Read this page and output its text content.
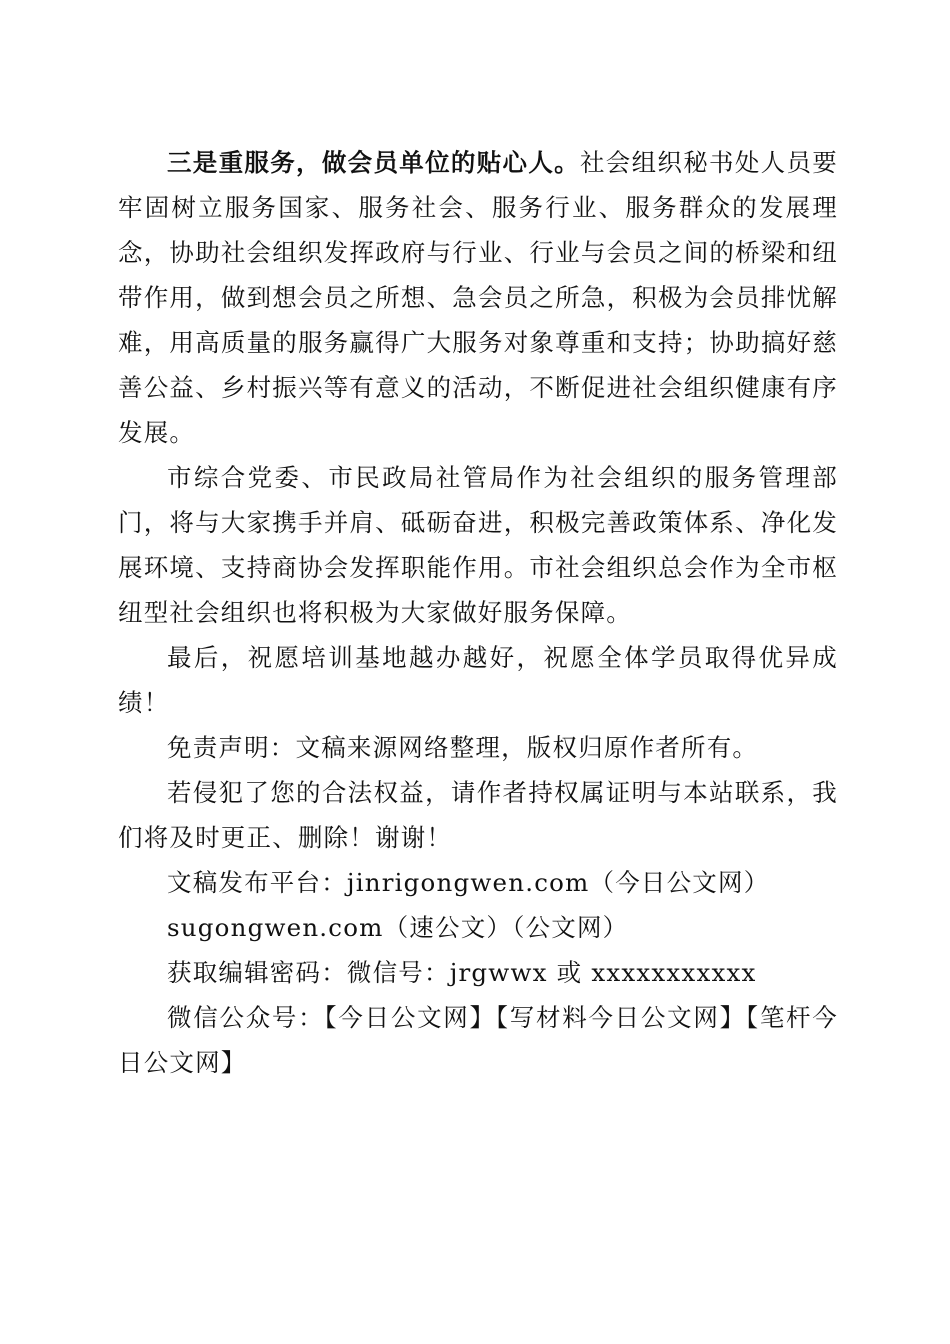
三是重服务，做会员单位的贴心人。社会组织秘书处人员要牢固树立服务国家、服务社会、服务行业、服务群众的发展理念，协助社会组织发挥政府与行业、行业与会员之间的桥梁和纽带作用，做到想会员之所想、急会员之所急，积极为会员排忧解难，用高质量的服务赢得广大服务对象尊重和支持；协助搞好慈善公益、乡村振兴等有意义的活动，不断促进社会组织健康有序发展。

市综合党委、市民政局社管局作为社会组织的服务管理部门，将与大家携手并肩、砥砺奋进，积极完善政策体系、净化发展环境、支持商协会发挥职能作用。市社会组织总会作为全市枢纽型社会组织也将积极为大家做好服务保障。

最后，祝愿培训基地越办越好，祝愿全体学员取得优异成绩！

免责声明：文稿来源网络整理，版权归原作者所有。

若侵犯了您的合法权益，请作者持权属证明与本站联系，我们将及时更正、删除！谢谢！

文稿发布平台：jinrigongwen.com（今日公文网）

sugongwen.com（速公文）（公文网）

获取编辑密码：微信号：jrgwwx 或 xxxxxxxxxxx

微信公众号：【今日公文网】【写材料今日公文网】【笔杆今日公文网】
